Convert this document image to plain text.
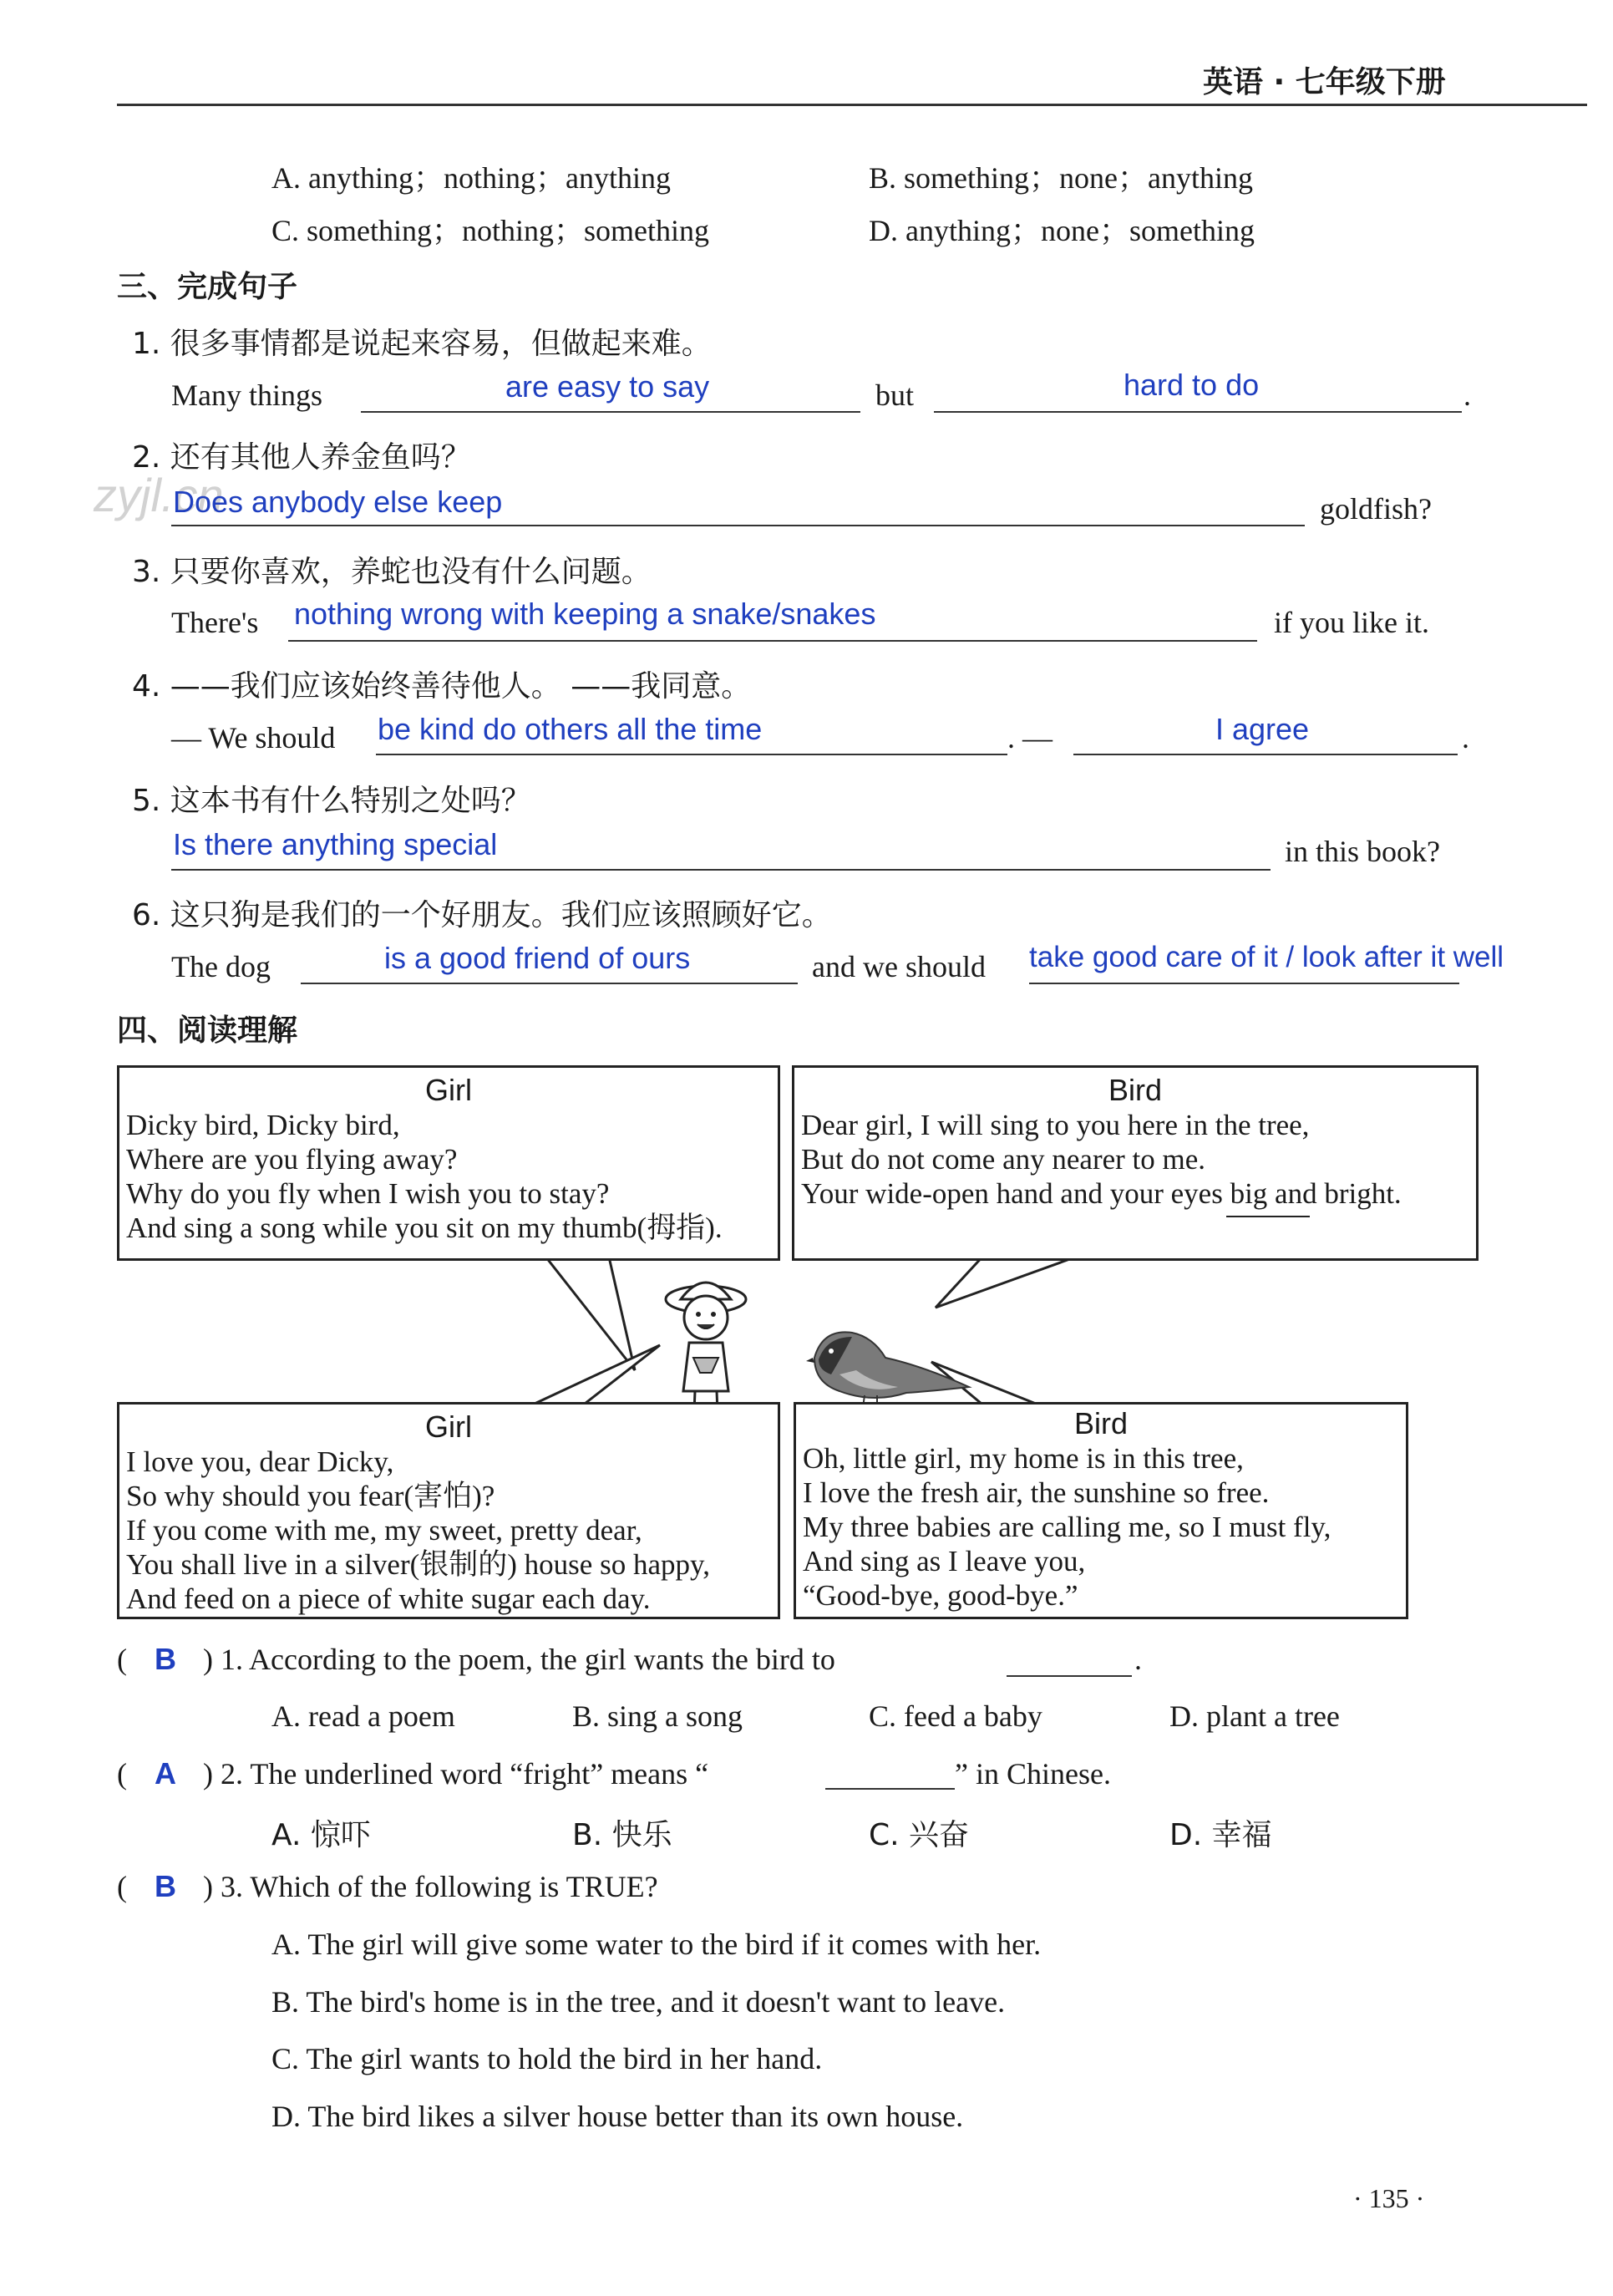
英语 · 七年级下册
A. anything；nothing；anything	B. something；none；anything
C. something；nothing；something	D. anything；none；something
三、完成句子
1. 很多事情都是说起来容易，但做起来难。
Many things	are easy to say	but	hard to do	.
2. 还有其他人养金鱼吗？
zyjl.cn
Does anybody else keep	goldfish?
3. 只要你喜欢，养蛇也没有什么问题。
There's nothing wrong with keeping a snake/snakes	if you like it.
4. ——我们应该始终善待他人。 ——我同意。
— We should be kind do others all the time	. —	I agree	.
5. 这本书有什么特别之处吗？
Is there anything special	in this book?
6. 这只狗是我们的一个好朋友。我们应该照顾好它。
The dog	is a good friend of ours	and we should take good care of it / look after it well
四、阅读理解
Girl
Dicky bird, Dicky bird,
Where are you flying away?
Why do you fly when I wish you to stay?
And sing a song while you sit on my thumb(拇指).
Bird
Dear girl, I will sing to you here in the tree,
But do not come any nearer to me.
Your wide-open hand and your eyes big and bright.
Girl
I love you, dear Dicky,
So why should you fear(害怕)?
If you come with me, my sweet, pretty dear,
You shall live in a silver(银制的) house so happy,
And feed on a piece of white sugar each day.
Bird
Oh, little girl, my home is in this tree,
I love the fresh air, the sunshine so free.
My three babies are calling me, so I must fly,
And sing as I leave you,
“Good-bye, good-bye.”
( B ) 1. According to the poem, the girl wants the bird to	.
A. read a poem	B. sing a song	C. feed a baby	D. plant a tree
( A ) 2. The underlined word “fright” means “	” in Chinese.
A. 惊吓	B. 快乐	C. 兴奋	D. 幸福
( B ) 3. Which of the following is TRUE?
A. The girl will give some water to the bird if it comes with her.
B. The bird's home is in the tree, and it doesn't want to leave.
C. The girl wants to hold the bird in her hand.
D. The bird likes a silver house better than its own house.
· 135 ·
